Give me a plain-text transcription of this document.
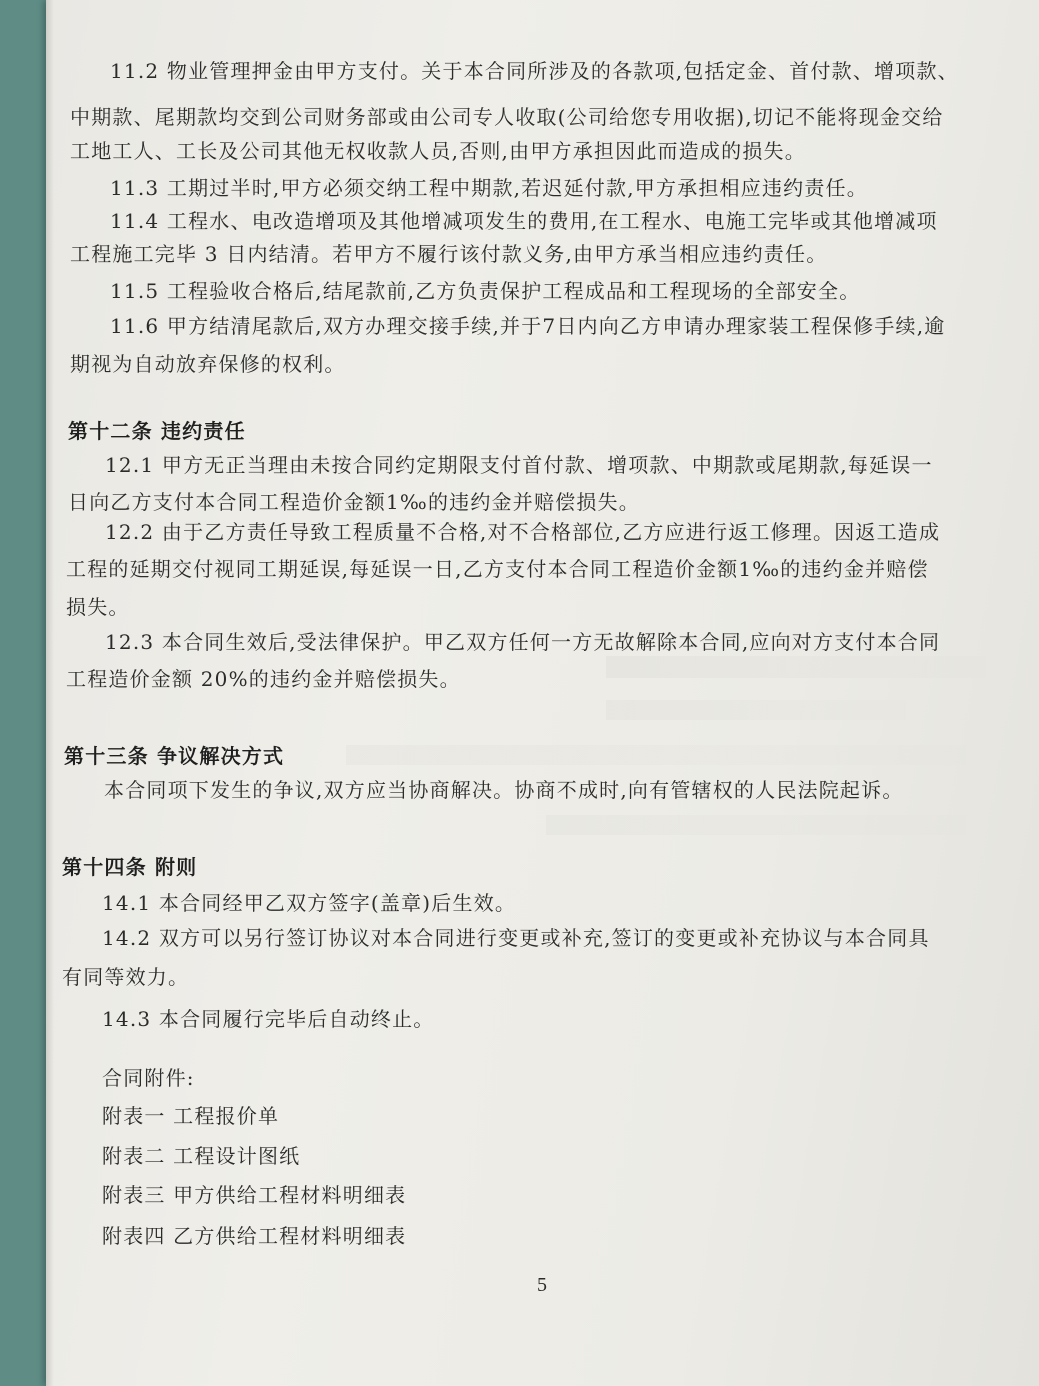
11.2 物业管理押金由甲方支付。关于本合同所涉及的各款项,包括定金、首付款、增项款、
中期款、尾期款均交到公司财务部或由公司专人收取(公司给您专用收据),切记不能将现金交给
工地工人、工长及公司其他无权收款人员,否则,由甲方承担因此而造成的损失。
11.3 工期过半时,甲方必须交纳工程中期款,若迟延付款,甲方承担相应违约责任。
11.4 工程水、电改造增项及其他增减项发生的费用,在工程水、电施工完毕或其他增减项
工程施工完毕 3 日内结清。若甲方不履行该付款义务,由甲方承当相应违约责任。
11.5 工程验收合格后,结尾款前,乙方负责保护工程成品和工程现场的全部安全。
11.6 甲方结清尾款后,双方办理交接手续,并于7日内向乙方申请办理家装工程保修手续,逾
期视为自动放弃保修的权利。
第十二条 违约责任
12.1 甲方无正当理由未按合同约定期限支付首付款、增项款、中期款或尾期款,每延误一
日向乙方支付本合同工程造价金额1‰的违约金并赔偿损失。
12.2 由于乙方责任导致工程质量不合格,对不合格部位,乙方应进行返工修理。因返工造成
工程的延期交付视同工期延误,每延误一日,乙方支付本合同工程造价金额1‰的违约金并赔偿
损失。
12.3 本合同生效后,受法律保护。甲乙双方任何一方无故解除本合同,应向对方支付本合同
工程造价金额 20%的违约金并赔偿损失。
第十三条 争议解决方式
本合同项下发生的争议,双方应当协商解决。协商不成时,向有管辖权的人民法院起诉。
第十四条 附则
14.1 本合同经甲乙双方签字(盖章)后生效。
14.2 双方可以另行签订协议对本合同进行变更或补充,签订的变更或补充协议与本合同具
有同等效力。
14.3 本合同履行完毕后自动终止。
合同附件:
附表一 工程报价单
附表二 工程设计图纸
附表三 甲方供给工程材料明细表
附表四 乙方供给工程材料明细表
5
